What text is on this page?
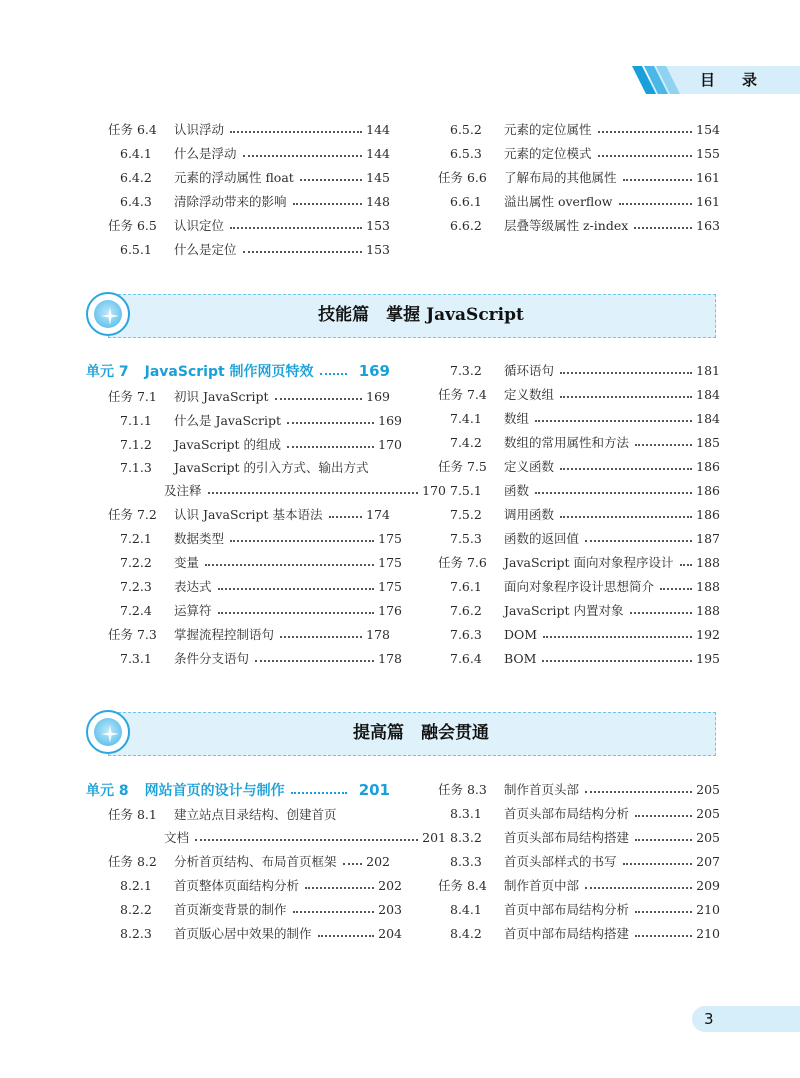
目　录
任务 6.4	认识浮动	144
6.4.1	什么是浮动	144
6.4.2	元素的浮动属性 float	145
6.4.3	清除浮动带来的影响	148
任务 6.5	认识定位	153
6.5.1	什么是定位	153
6.5.2	元素的定位属性	154
6.5.3	元素的定位模式	155
任务 6.6	了解布局的其他属性	161
6.6.1	溢出属性 overflow	161
6.6.2	层叠等级属性 z-index	163
技能篇　掌握 JavaScript
单元 7 JavaScript 制作网页特效	169
任务 7.1	初识 JavaScript	169
7.1.1	什么是 JavaScript	169
7.1.2	JavaScript 的组成	170
7.1.3	JavaScript 的引入方式、输出方式
及注释	170
任务 7.2	认识 JavaScript 基本语法	174
7.2.1	数据类型	175
7.2.2	变量	175
7.2.3	表达式	175
7.2.4	运算符	176
任务 7.3	掌握流程控制语句	178
7.3.1	条件分支语句	178
7.3.2	循环语句	181
任务 7.4	定义数组	184
7.4.1	数组	184
7.4.2	数组的常用属性和方法	185
任务 7.5	定义函数	186
7.5.1	函数	186
7.5.2	调用函数	186
7.5.3	函数的返回值	187
任务 7.6	JavaScript 面向对象程序设计 188
7.6.1	面向对象程序设计思想简介	188
7.6.2	JavaScript 内置对象	188
7.6.3	DOM	192
7.6.4	BOM	195
提高篇　融会贯通
单元 8 网站首页的设计与制作	201
任务 8.1	建立站点目录结构、创建首页
文档	201
任务 8.2	分析首页结构、布局首页框架 202
8.2.1	首页整体页面结构分析	202
8.2.2	首页渐变背景的制作	203
8.2.3	首页版心居中效果的制作	204
任务 8.3	制作首页头部	205
8.3.1	首页头部布局结构分析	205
8.3.2	首页头部布局结构搭建	205
8.3.3	首页头部样式的书写	207
任务 8.4	制作首页中部	209
8.4.1	首页中部布局结构分析	210
8.4.2	首页中部布局结构搭建	210
3
